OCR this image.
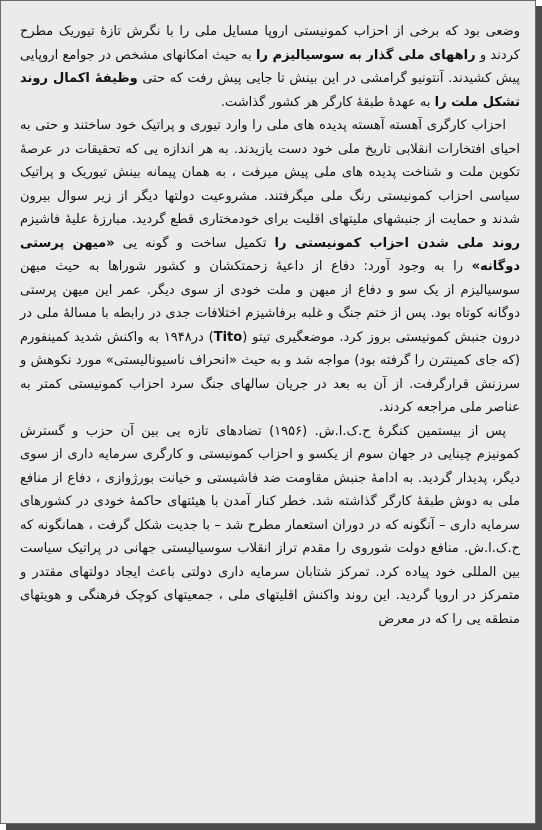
وضعی بود که برخی از احزاب کمونیستی اروپا مسایل ملی را با نگرش تازهٔ تیوریک مطرح کردند و راههای ملی گذار به سوسیالیزم را به حیث امکانهای مشخص در جوامع اروپایی پیش کشیدند. آنتونیو گرامشی در این بینش تا جایی پیش رفت که حتی وظیفهٔ اکمال روند تشکل ملت را به عهدهٔ طبقهٔ کارگر هر کشور گذاشت.

احزاب کارگری آهسته آهسته پدیده های ملی را وارد تیوری و پراتیک خود ساختند و حتی به احیای افتخارات انقلابی تاریخ ملی خود دست یازیدند. به هر اندازه یی که تحقیقات در عرصهٔ تکوین ملت و شناخت پدیده های ملی پیش میرفت ، به همان پیمانه بینش تیوریک و پراتیک سیاسی احزاب کمونیستی رنگ ملی میگرفتند. مشروعیت دولتها دیگر از زیر سوال بیرون شدند و حمایت از جنبشهای ملیتهای اقلیت برای خودمختاری قطع گردید. مبارزهٔ علیهٔ فاشیزم روند ملی شدن احزاب کمونیستی را تکمیل ساخت و گونه یی «میهن پرستی دوگانه» را به وجود آورد: دفاع از داعیهٔ زحمتکشان و کشور شوراها به حیث میهن سوسیالیزم از یک سو و دفاع از میهن و ملت خودی از سوی دیگر. عمر این میهن پرستی دوگانه کوتاه بود. پس از ختم جنگ و غلبه برفاشیزم اختلافات جدی در رابطه با مسالهٔ ملی در درون جنبش کمونیستی بروز کرد. موضعگیری تیتو (Tito) در۱۹۴۸ به واکنش شدید کمینفورم (که جای کمینترن را گرفته بود) مواجه شد و به حیث «انحراف ناسیونالیستی» مورد نکوهش و سرزنش قرارگرفت. از آن به بعد در جریان سالهای جنگ سرد احزاب کمونیستی کمتر به عناصر ملی مراجعه کردند.

پس از بیستمین کنگرهٔ ح.ک.ا.ش. (۱۹۵۶) تضادهای تازه یی بین آن حزب و گسترش کمونیزم چینایی در جهان سوم از یکسو و احزاب کمونیستی و کارگری سرمایه داری از سوی دیگر، پدیدار گردید. به ادامهٔ جنبش مقاومت ضد فاشیستی و خیانت بورژوازی ، دفاع از منافع ملی به دوش طبقهٔ کارگر گذاشته شد. خطر کنار آمدن با هیئتهای حاکمهٔ خودی در کشورهای سرمایه داری – آنگونه که در دوران استعمار مطرح شد – با جدیت شکل گرفت ، همانگونه که ح.ک.ا.ش. منافع دولت شوروی را مقدم تراز انقلاب سوسیالیستی جهانی در پراتیک سیاست بین المللی خود پیاده کرد. تمرکز شتابان سرمایه داری دولتی باعث ایجاد دولتهای مقتدر و متمرکز در اروپا گردید. این روند واکنش اقلیتهای ملی ، جمعیتهای کوچک فرهنگی و هویتهای منطقه یی را که در معرض
